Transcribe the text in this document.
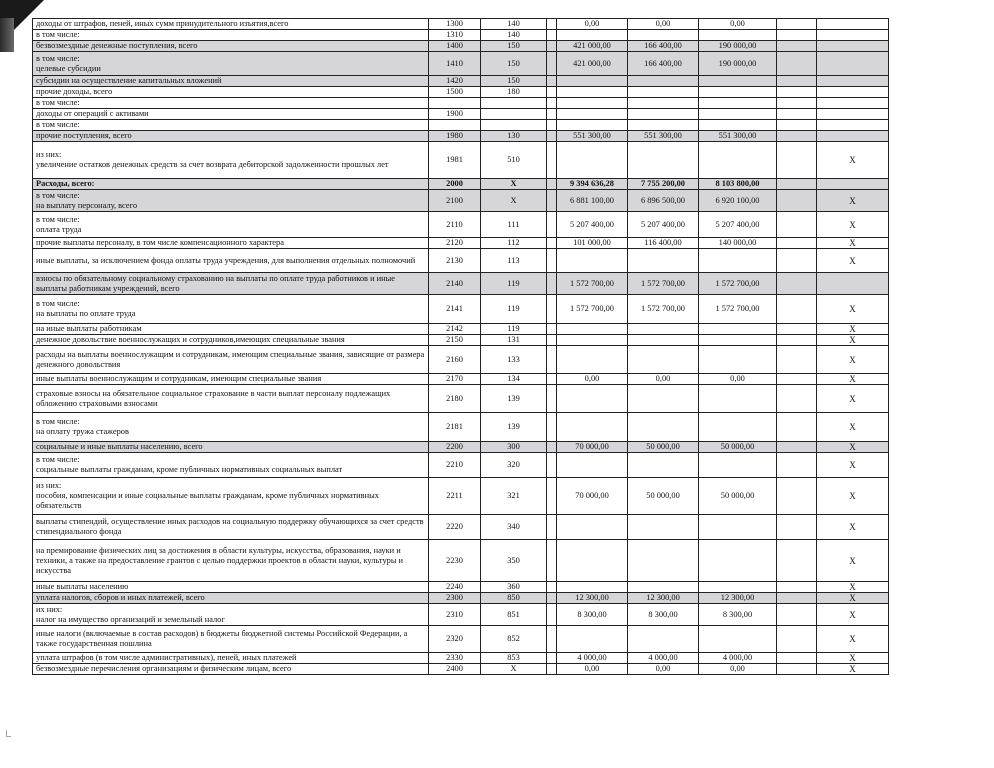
доходы от штрафов, пеней, иных сумм принудительного изъятия,всего	1300	140		0,00	0,00	0,00		

в том числе:	1310	140						

безвозмездные денежные поступления, всего	1400	150		421 000,00	166 400,00	190 000,00		

в том числе:
целевые субсидии	1410	150		421 000,00	166 400,00	190 000,00		

субсидии на осуществление капитальных вложений	1420	150						

прочие доходы, всего	1500	180						

в том числе:								

доходы от операций с активами	1900							

в том числе:								

прочие поступления, всего	1980	130		551 300,00	551 300,00	551 300,00		

из них:
увеличение остатков денежных средств за счет возврата дебиторской задолженности прошлых лет	1981	510						X

Расходы, всего:	2000	X		9 394 636,28	7 755 200,00	8 103 800,00		

в том числе:
на выплату персоналу, всего	2100	X		6 881 100,00	6 896 500,00	6 920 100,00		X

в том числе:
оплата труда	2110	111		5 207 400,00	5 207 400,00	5 207 400,00		X

прочие выплаты персоналу, в том числе компенсационного характера	2120	112		101 000,00	116 400,00	140 000,00		X

иные выплаты, за исключением фонда оплаты труда учреждения, для выполнения отдельных полномочий	2130	113						X

взносы по обязательному социальному страхованию на выплаты по оплате труда работников и иные выплаты работникам учреждений, всего	2140	119		1 572 700,00	1 572 700,00	1 572 700,00		

в том числе:
на выплаты по оплате труда	2141	119		1 572 700,00	1 572 700,00	1 572 700,00		X

на иные выплаты работникам	2142	119						X

денежное довольствие военнослужащих и сотрудников,имеющих специальные звания	2150	131						X

расходы на выплаты военнослужащим и сотрудникам, имеющим специальные звания, зависящие от размера денежного довольствия	2160	133						X

иные выплаты военнослужащим и сотрудникам, имеющим специальные звания	2170	134		0,00	0,00	0,00		X

страховые взносы на обязательное социальное страхование в части выплат персоналу подлежащих обложению страховыми взносами	2180	139						X

в том числе:
на оплату тружа стажеров	2181	139						X

социальные и иные выплаты населению, всего	2200	300		70 000,00	50 000,00	50 000,00		X

в том числе:
социальные выплаты гражданам, кроме публичных нормативных социальных выплат	2210	320						X

из них:
пособия, компенсации и иные социальные выплаты гражданам, кроме публичных нормативных обязательств	2211	321		70 000,00	50 000,00	50 000,00		X

выплаты стипендий, осуществление иных расходов на социальную поддержку обучающихся за счет средств стипендиального фонда	2220	340						X

на премирование физических лиц за достижения в области культуры, искусства, образования, науки и техники, а также на предоставление грантов с целью поддержки проектов в области науки, культуры и искусства	2230	350						X

иные выплаты населению	2240	360						X

уплата налогов, сборов и иных платежей, всего	2300	850		12 300,00	12 300,00	12 300,00		X

их них:
налог на имущество организаций и земельный налог	2310	851		8 300,00	8 300,00	8 300,00		X

иные налоги (включаемые в состав расходов) в бюджеты бюджетной системы Российской Федерации, а также государственная пошлина	2320	852						X

уплата штрафов (в том числе административных), пеней, иных платежей	2330	853		4 000,00	4 000,00	4 000,00		X

безвозмездные перечисления организациям и физическим лицам, всего	2400	X		0,00	0,00	0,00		X
